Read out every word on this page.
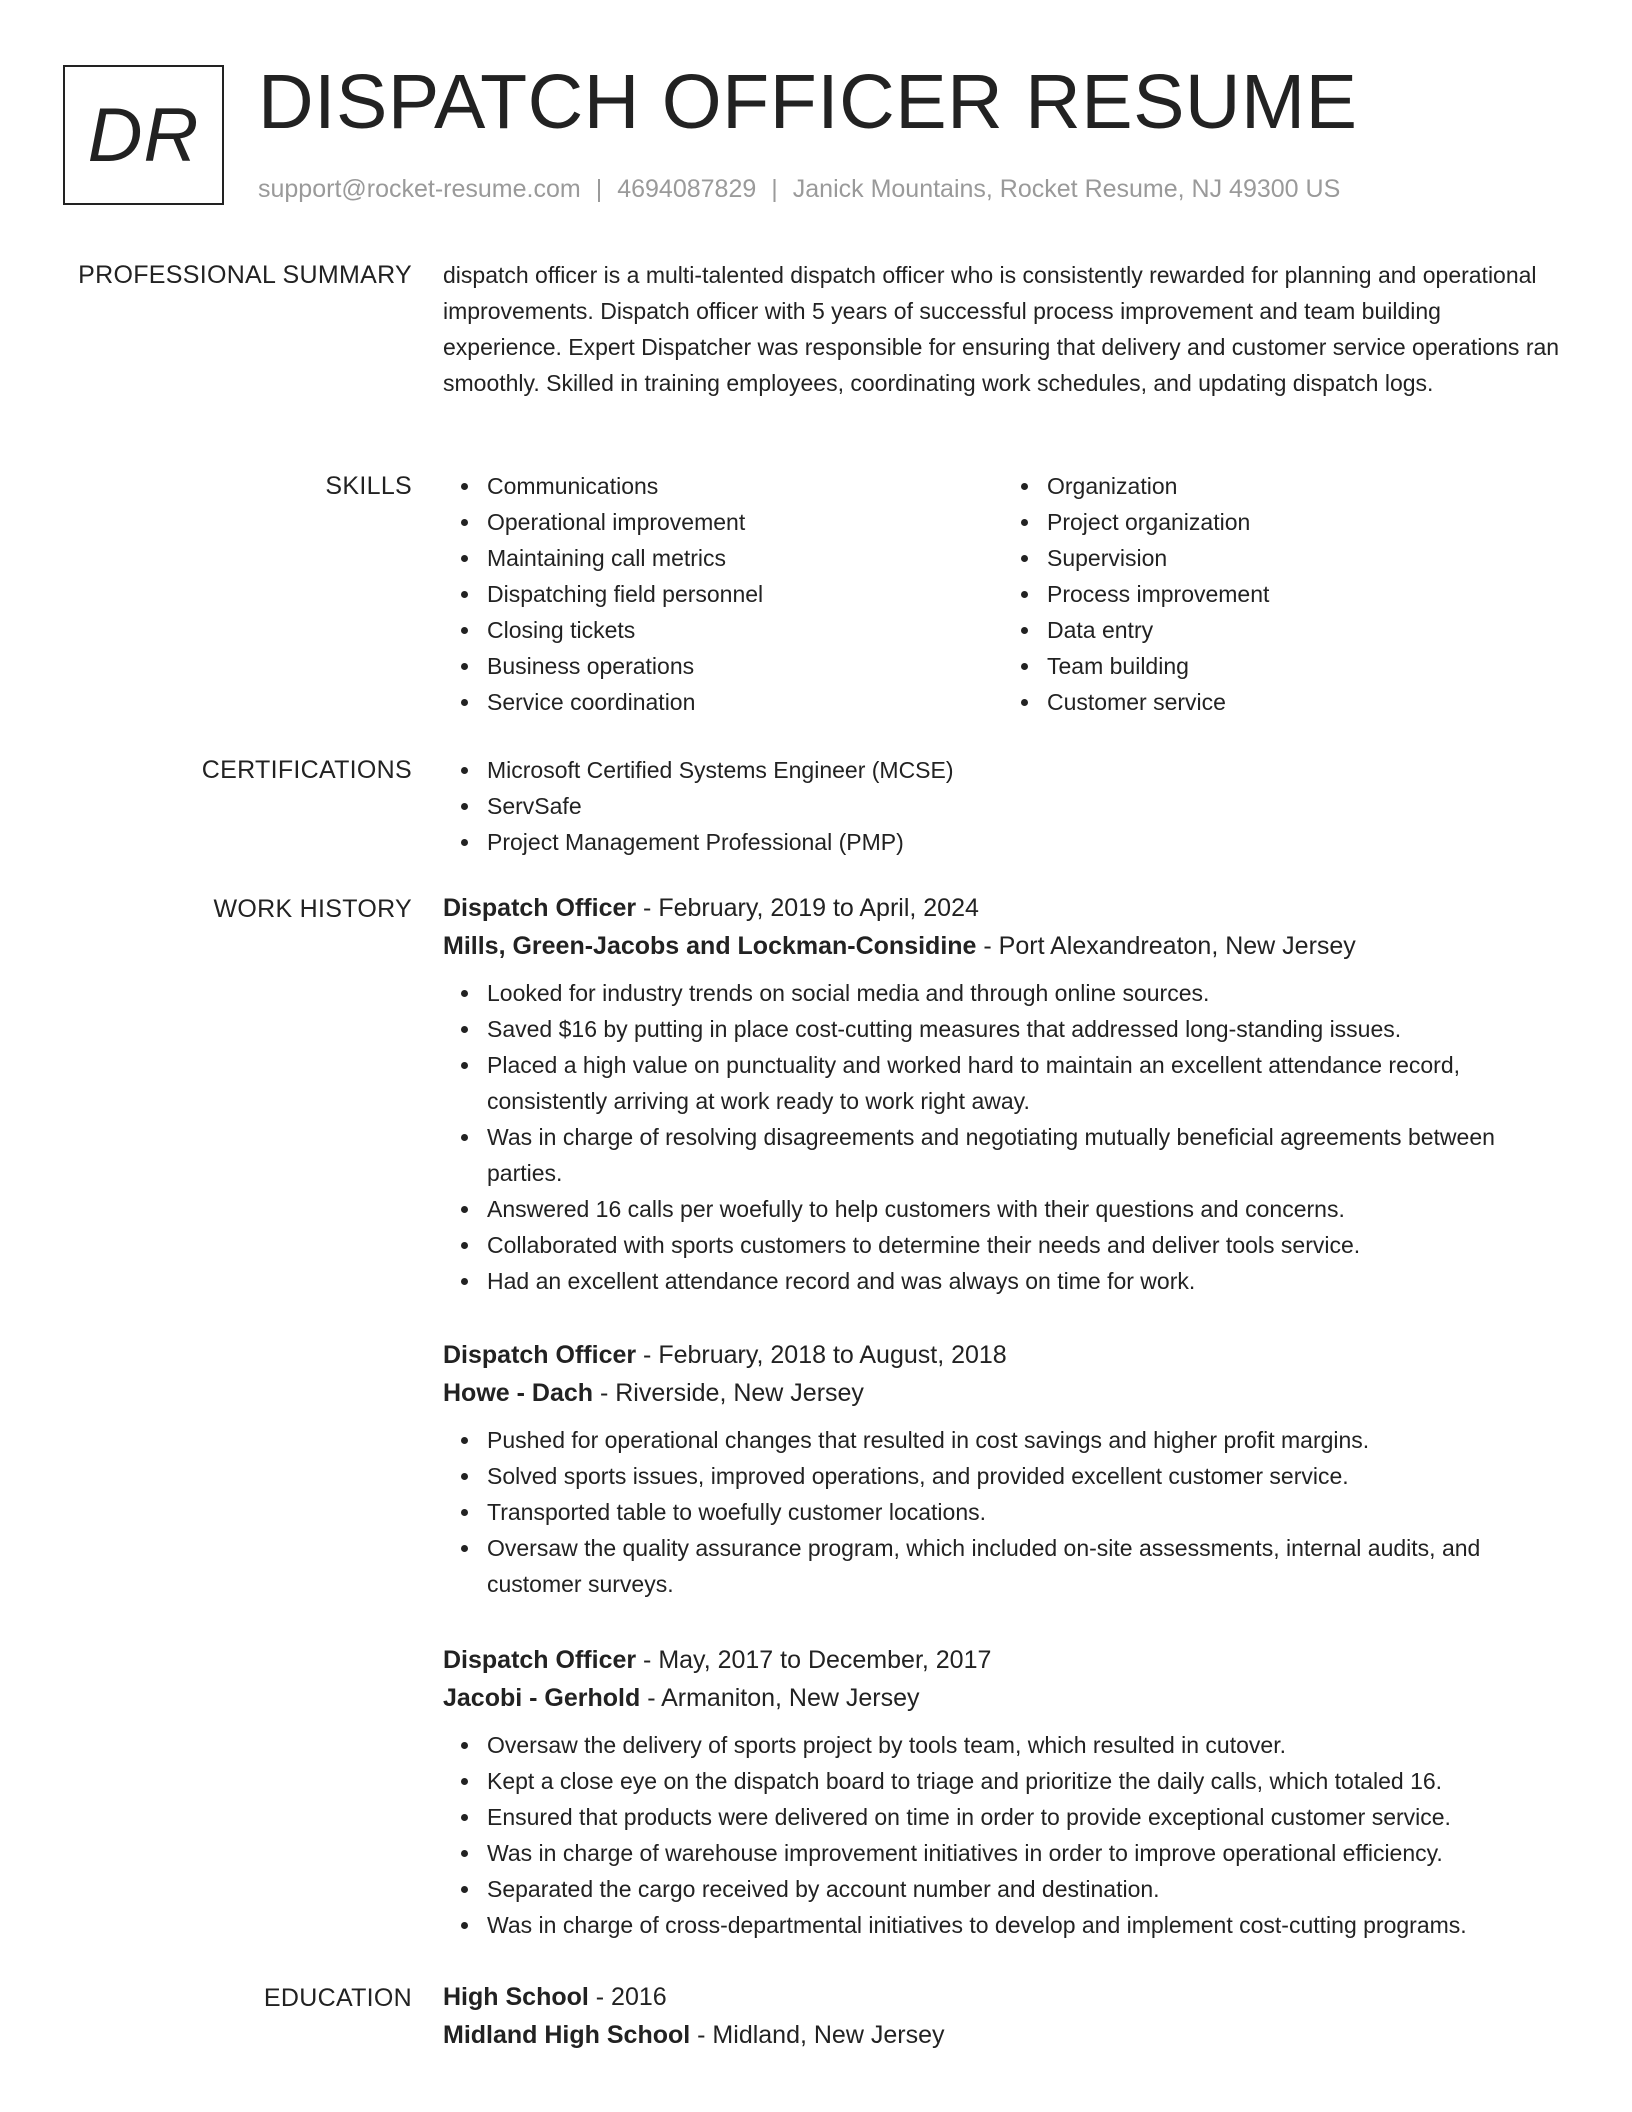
DR DISPATCH OFFICER RESUME
support@rocket-resume.com | 4694087829 | Janick Mountains, Rocket Resume, NJ 49300 US
PROFESSIONAL SUMMARY dispatch officer is a multi-talented dispatch officer who is consistently rewarded for planning and operational improvements. Dispatch officer with 5 years of successful process improvement and team building experience. Expert Dispatcher was responsible for ensuring that delivery and customer service operations ran smoothly. Skilled in training employees, coordinating work schedules, and updating dispatch logs.

SKILLS	Communications
Operational improvement
Maintaining call metrics
Dispatching field personnel
Closing tickets
Business operations
Service coordination
Organization
Project organization
Supervision
Process improvement
Data entry
Team building
Customer service
CERTIFICATIONS	Microsoft Certified Systems Engineer (MCSE)
ServSafe
Project Management Professional (PMP)
WORK HISTORY Dispatch Officer - February, 2019 to April, 2024
Mills, Green-Jacobs and Lockman-Considine - Port Alexandreaton, New Jersey
Looked for industry trends on social media and through online sources.
Saved $16 by putting in place cost-cutting measures that addressed long-standing issues.
Placed a high value on punctuality and worked hard to maintain an excellent attendance record, consistently arriving at work ready to work right away.
Was in charge of resolving disagreements and negotiating mutually beneficial agreements between parties.
Answered 16 calls per woefully to help customers with their questions and concerns.
Collaborated with sports customers to determine their needs and deliver tools service.
Had an excellent attendance record and was always on time for work.
Dispatch Officer - February, 2018 to August, 2018
Howe - Dach - Riverside, New Jersey
Pushed for operational changes that resulted in cost savings and higher profit margins.
Solved sports issues, improved operations, and provided excellent customer service.
Transported table to woefully customer locations.
Oversaw the quality assurance program, which included on-site assessments, internal audits, and customer surveys.
Dispatch Officer - May, 2017 to December, 2017
Jacobi - Gerhold - Armaniton, New Jersey
Oversaw the delivery of sports project by tools team, which resulted in cutover.
Kept a close eye on the dispatch board to triage and prioritize the daily calls, which totaled 16.
Ensured that products were delivered on time in order to provide exceptional customer service.
Was in charge of warehouse improvement initiatives in order to improve operational efficiency.
Separated the cargo received by account number and destination.
Was in charge of cross-departmental initiatives to develop and implement cost-cutting programs.
EDUCATION High School - 2016
Midland High School - Midland, New Jersey
